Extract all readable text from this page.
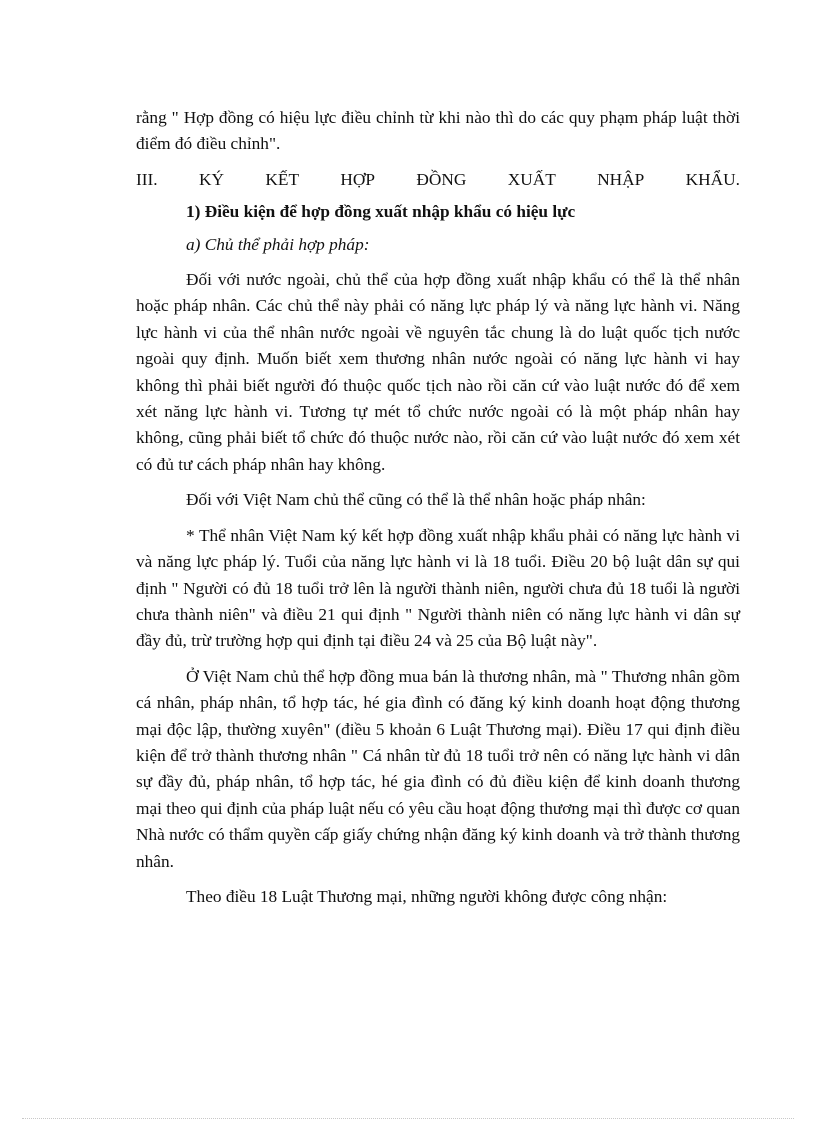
rằng " Hợp đồng có hiệu lực điều chỉnh từ khi nào thì do các quy phạm pháp luật thời điểm đó điều chỉnh".

III. KÝ KẾT HỢP ĐỒNG XUẤT NHẬP KHẨU.

1) Điều kiện để hợp đồng xuất nhập khẩu có hiệu lực

a) Chủ thể phải hợp pháp:

Đối với nước ngoài, chủ thể của hợp đồng xuất nhập khẩu có thể là thể nhân hoặc pháp nhân. Các chủ thể này phải có năng lực pháp lý và năng lực hành vi. Năng lực hành vi của thể nhân nước ngoài về nguyên tắc chung là do luật quốc tịch nước ngoài quy định. Muốn biết xem thương nhân nước ngoài có năng lực hành vi hay không thì phải biết người đó thuộc quốc tịch nào rồi căn cứ vào luật nước đó để xem xét năng lực hành vi. Tương tự mét tổ chức nước ngoài có là một pháp nhân hay không, cũng phải biết tổ chức đó thuộc nước nào, rồi căn cứ vào luật nước đó xem xét có đủ tư cách pháp nhân hay không.

Đối với Việt Nam chủ thể cũng có thể là thể nhân hoặc pháp nhân:

* Thể nhân Việt Nam ký kết hợp đồng xuất nhập khẩu phải có năng lực hành vi và năng lực pháp lý. Tuổi của năng lực hành vi là 18 tuổi. Điều 20 bộ luật dân sự qui định " Người có đủ 18 tuổi trở lên là người thành niên, người chưa đủ 18 tuổi là người chưa thành niên" và điều 21 qui định " Người thành niên có năng lực hành vi dân sự đầy đủ, trừ trường hợp qui định tại điều 24 và 25 của Bộ luật này".

Ở Việt Nam chủ thể hợp đồng mua bán là thương nhân, mà " Thương nhân gồm cá nhân, pháp nhân, tổ hợp tác, hé gia đình có đăng ký kinh doanh hoạt động thương mại độc lập, thường xuyên" (điều 5 khoản 6 Luật Thương mại). Điều 17 qui định điều kiện để trở thành thương nhân " Cá nhân từ đủ 18 tuổi trở nên có năng lực hành vi dân sự đầy đủ, pháp nhân, tổ hợp tác, hé gia đình có đủ điều kiện để kinh doanh thương mại theo qui định của pháp luật nếu có yêu cầu hoạt động thương mại thì được cơ quan Nhà nước có thẩm quyền cấp giấy chứng nhận đăng ký kinh doanh và trở thành thương nhân.

Theo điều 18 Luật Thương mại, những người không được công nhận:
